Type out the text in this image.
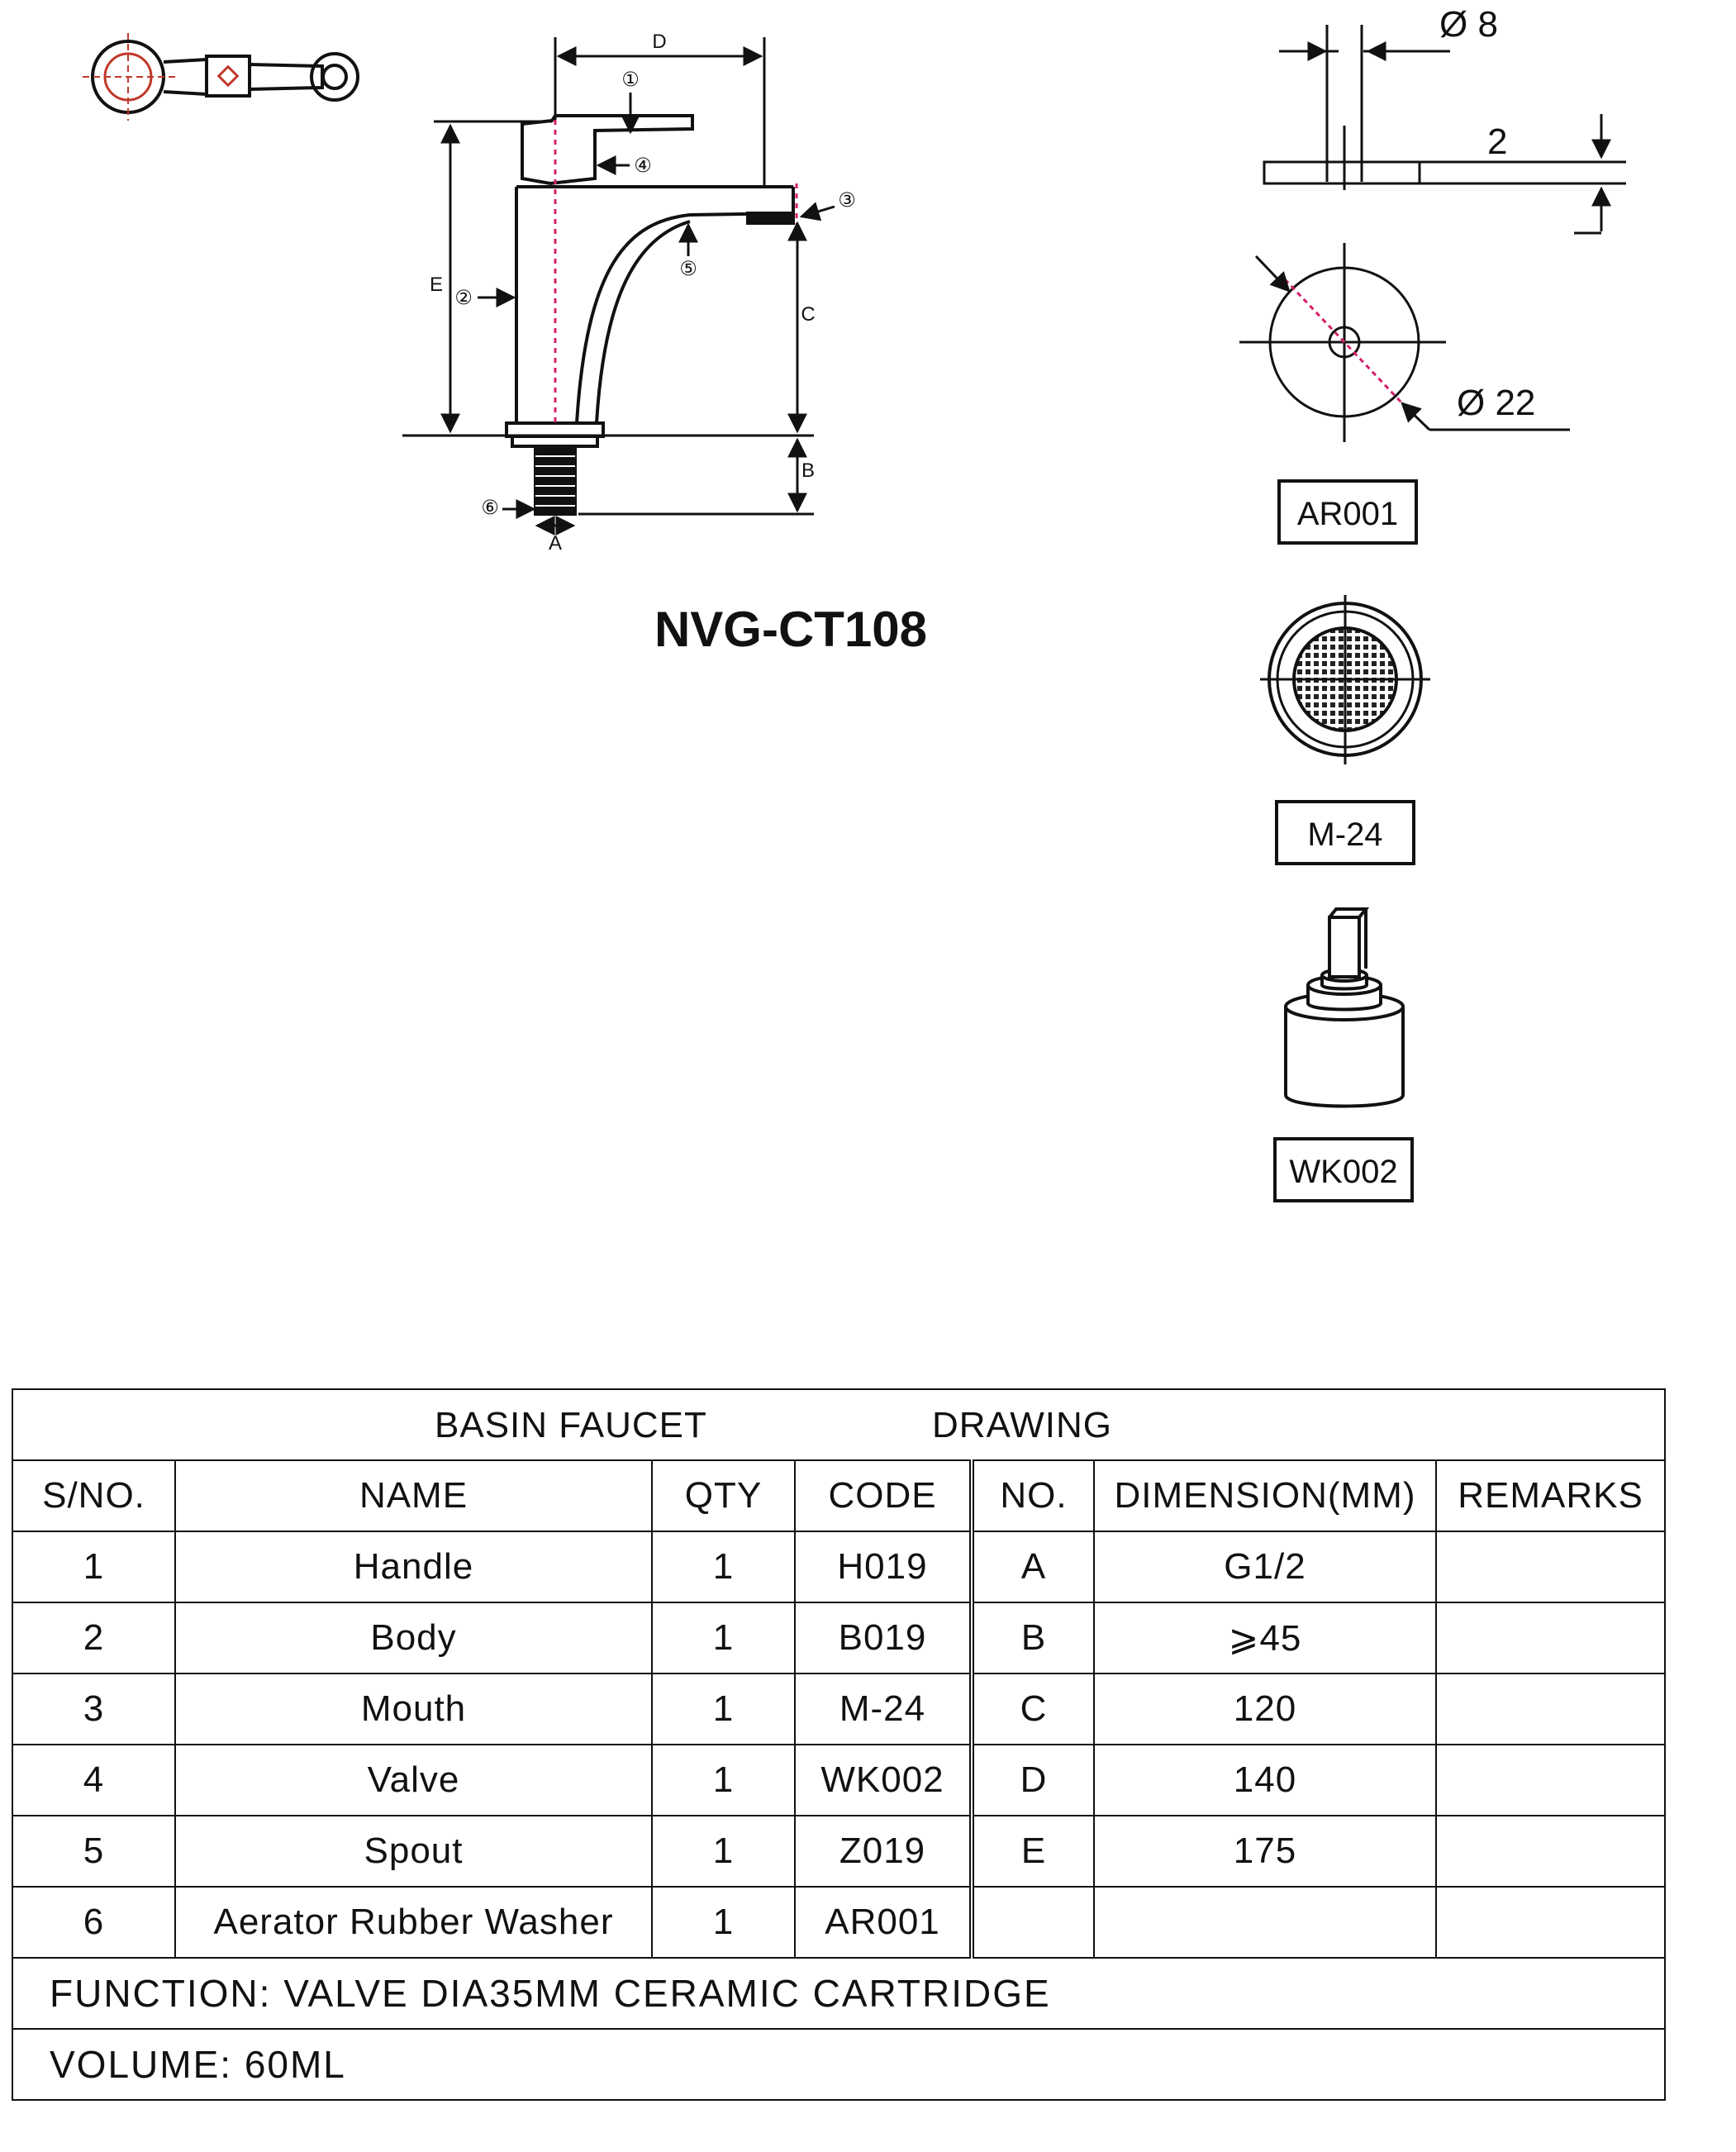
D
E
C
B
A
①
②
③
④
⑤
⑥
NVG-CT108
Ø 8
2
Ø 22
AR001
M-24
WK002
BASIN FAUCET DRAWING						

S/NO.	NAME	QTY	CODE	NO.	DIMENSION(MM)	REMARKS
1	Handle	1	H019	A	G1/2	
2	Body	1	B019	B	⩾45	
3	Mouth	1	M-24	C	120	
4	Valve	1	WK002	D	140	
5	Spout	1	Z019	E	175	
6	Aerator Rubber Washer	1	AR001			
FUNCTION: VALVE DIA35MM CERAMIC CARTRIDGE						
VOLUME: 60ML						
